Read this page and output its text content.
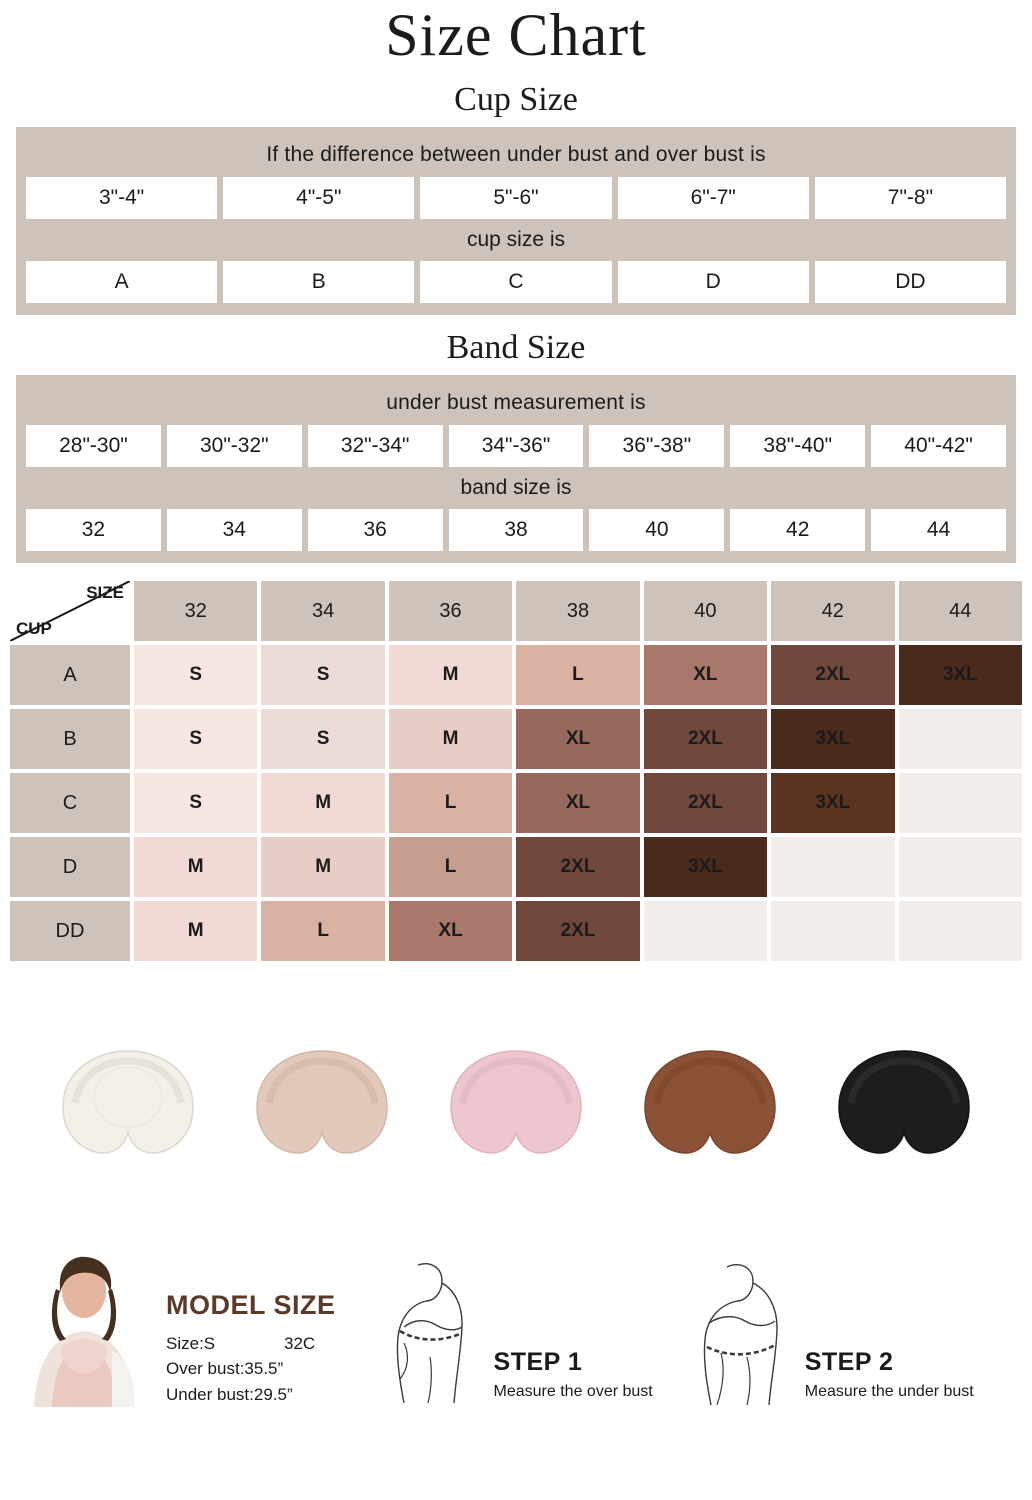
Size Chart
Cup Size
If the difference between under bust and over bust is
3"-4"	4"-5"	5"-6"	6"-7"	7"-8"
cup size is
A	B	C	D	DD
Band Size
under bust measurement is
28"-30"	30"-32"	32"-34"	34"-36"	36"-38"	38"-40"	40"-42"
band size is
32	34	36	38	40	42	44
SIZE
CUP	32	34	36	38	40	42	44
A	S	S	M	L	XL	2XL	3XL
B	S	S	M	XL	2XL	3XL	
C	S	M	L	XL	2XL	3XL	
D	M	M	L	2XL	3XL		
DD	M	L	XL	2XL			
MODEL SIZE
Size:S	32C
Over bust:35.5”
Under bust:29.5”
STEP 1
Measure the over bust
STEP 2
Measure the under bust
